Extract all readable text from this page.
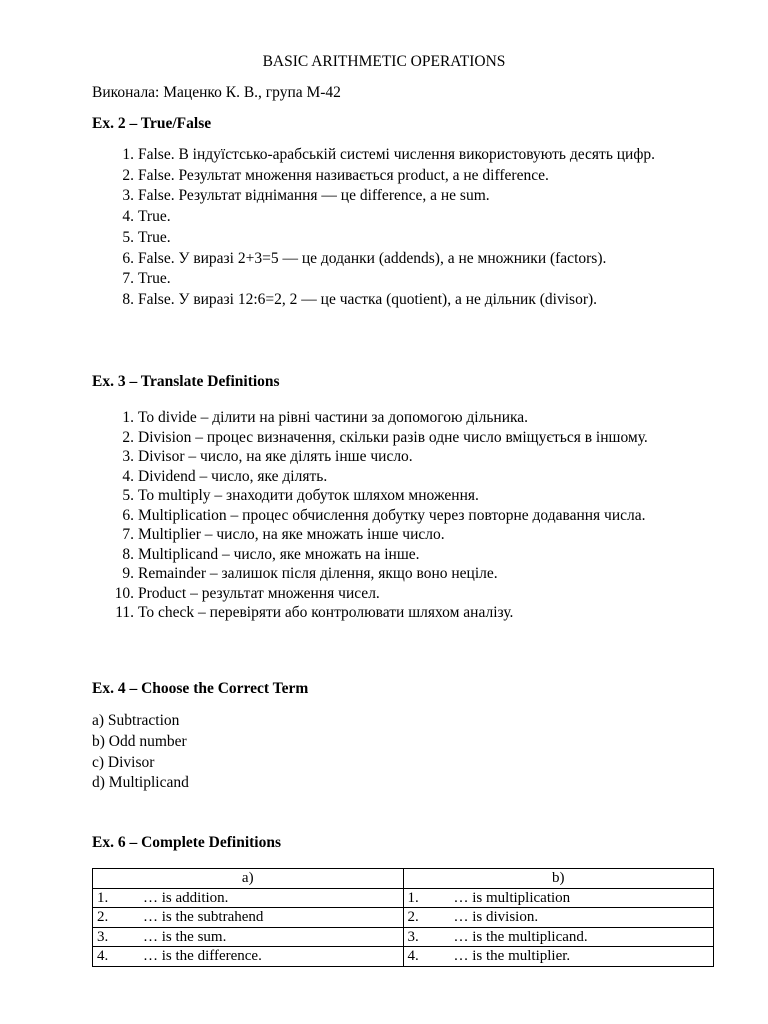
BASIC ARITHMETIC OPERATIONS
Виконала: Маценко К. В., група М-42
Ex. 2 – True/False
1. False. В індуїстсько-арабській системі числення використовують десять цифр.
2. False. Результат множення називається product, а не difference.
3. False. Результат віднімання — це difference, а не sum.
4. True.
5. True.
6. False. У виразі 2+3=5 — це доданки (addends), а не множники (factors).
7. True.
8. False. У виразі 12:6=2, 2 — це частка (quotient), а не дільник (divisor).
Ex. 3 – Translate Definitions
1. To divide – ділити на рівні частини за допомогою дільника.
2. Division – процес визначення, скільки разів одне число вміщується в іншому.
3. Divisor – число, на яке ділять інше число.
4. Dividend – число, яке ділять.
5. To multiply – знаходити добуток шляхом множення.
6. Multiplication – процес обчислення добутку через повторне додавання числа.
7. Multiplier – число, на яке множать інше число.
8. Multiplicand – число, яке множать на інше.
9. Remainder – залишок після ділення, якщо воно неціле.
10. Product – результат множення чисел.
11. To check – перевіряти або контролювати шляхом аналізу.
Ex. 4 – Choose the Correct Term
a) Subtraction
b) Odd number
c) Divisor
d) Multiplicand
Ex. 6 – Complete Definitions
a)	b)
1. … is addition.	1. … is multiplication
2. … is the subtrahend	2. … is division.
3. … is the sum.	3. … is the multiplicand.
4. … is the difference.	4. … is the multiplier.
